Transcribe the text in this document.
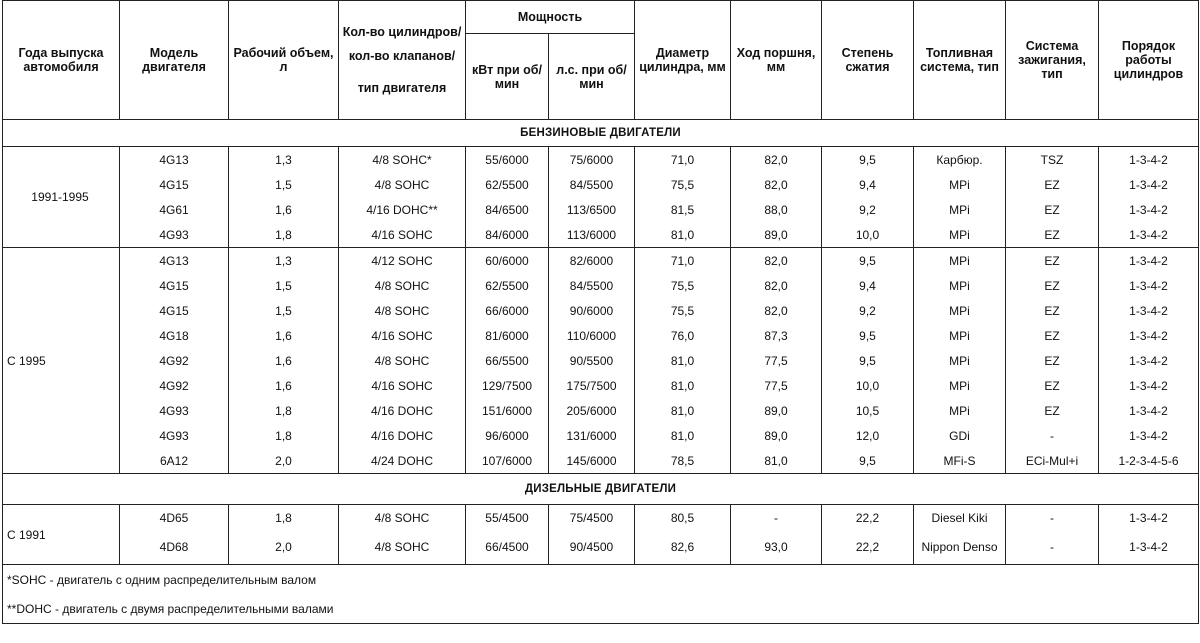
Года выпуска автомобиля	Модель двигателя	Рабочий объем, л	Кол-во цилиндров/
кол-во клапанов/
тип двигателя	Мощность		Диаметр цилиндра, мм	Ход поршня, мм	Степень сжатия	Топливная система, тип	Система зажигания, тип	Порядок работы цилиндров
				кВт при об/мин	л.с. при об/мин						
БЕНЗИНОВЫЕ ДВИГАТЕЛИ											
1991-1995	4G13	1,3	4/8 SOHC*	55/6000	75/6000	71,0	82,0	9,5	Карбюр.	TSZ	1-3-4-2
	4G15	1,5	4/8 SOHC	62/5500	84/5500	75,5	82,0	9,4	MPi	EZ	1-3-4-2
	4G61	1,6	4/16 DOHC**	84/6500	113/6500	81,5	88,0	9,2	MPi	EZ	1-3-4-2
	4G93	1,8	4/16 SOHC	84/6000	113/6000	81,0	89,0	10,0	MPi	EZ	1-3-4-2
С 1995	4G13	1,3	4/12 SOHC	60/6000	82/6000	71,0	82,0	9,5	MPi	EZ	1-3-4-2
	4G15	1,5	4/8 SOHC	62/5500	84/5500	75,5	82,0	9,4	MPi	EZ	1-3-4-2
	4G15	1,5	4/8 SOHC	66/6000	90/6000	75,5	82,0	9,2	MPi	EZ	1-3-4-2
	4G18	1,6	4/16 SOHC	81/6000	110/6000	76,0	87,3	9,5	MPi	EZ	1-3-4-2
	4G92	1,6	4/8 SOHC	66/5500	90/5500	81,0	77,5	9,5	MPi	EZ	1-3-4-2
	4G92	1,6	4/16 SOHC	129/7500	175/7500	81,0	77,5	10,0	MPi	EZ	1-3-4-2
	4G93	1,8	4/16 DOHC	151/6000	205/6000	81,0	89,0	10,5	MPi	EZ	1-3-4-2
	4G93	1,8	4/16 DOHC	96/6000	131/6000	81,0	89,0	12,0	GDi	-	1-3-4-2
	6A12	2,0	4/24 DOHC	107/6000	145/6000	78,5	81,0	9,5	MFi-S	ECi-Mul+i	1-2-3-4-5-6
ДИЗЕЛЬНЫЕ ДВИГАТЕЛИ											
С 1991	4D65	1,8	4/8 SOHC	55/4500	75/4500	80,5	-	22,2	Diesel Kiki	-	1-3-4-2
	4D68	2,0	4/8 SOHC	66/4500	90/4500	82,6	93,0	22,2	Nippon Denso	-	1-3-4-2
*SOHC - двигатель с одним распределительным валом											
**DOHC - двигатель с двумя распределительными валами											
